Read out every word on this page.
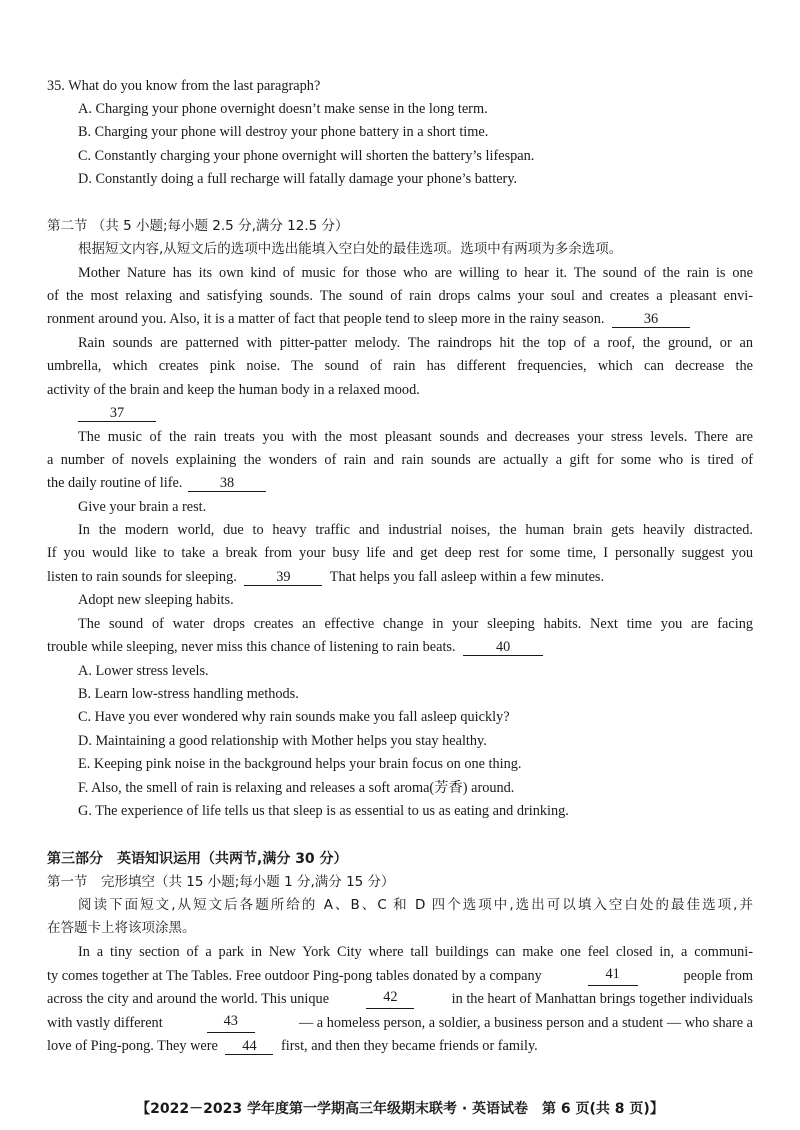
35. What do you know from the last paragraph?
A. Charging your phone overnight doesn’t make sense in the long term.
B. Charging your phone will destroy your phone battery in a short time.
C. Constantly charging your phone overnight will shorten the battery’s lifespan.
D. Constantly doing a full recharge will fatally damage your phone’s battery.
第二节 （共 5 小题;每小题 2.5 分,满分 12.5 分）
根据短文内容,从短文后的选项中选出能填入空白处的最佳选项。选项中有两项为多余选项。
Mother Nature has its own kind of music for those who are willing to hear it. The sound of the rain is one
of the most relaxing and satisfying sounds. The sound of rain drops calms your soul and creates a pleasant envi-
ronment around you. Also, it is a matter of fact that people tend to sleep more in the rainy season.	36
Rain sounds are patterned with pitter-patter melody. The raindrops hit the top of a roof, the ground, or an
umbrella, which creates pink noise. The sound of rain has different frequencies, which can decrease the
activity of the brain and keep the human body in a relaxed mood.
37
The music of the rain treats you with the most pleasant sounds and decreases your stress levels. There are
a number of novels explaining the wonders of rain and rain sounds are actually a gift for some who is tired of
the daily routine of life.	38
Give your brain a rest.
In the modern world, due to heavy traffic and industrial noises, the human brain gets heavily distracted.
If you would like to take a break from your busy life and get deep rest for some time, I personally suggest you
listen to rain sounds for sleeping.	39	That helps you fall asleep within a few minutes.
Adopt new sleeping habits.
The sound of water drops creates an effective change in your sleeping habits. Next time you are facing
trouble while sleeping, never miss this chance of listening to rain beats.	40
A. Lower stress levels.
B. Learn low-stress handling methods.
C. Have you ever wondered why rain sounds make you fall asleep quickly?
D. Maintaining a good relationship with Mother helps you stay healthy.
E. Keeping pink noise in the background helps your brain focus on one thing.
F. Also, the smell of rain is relaxing and releases a soft aroma(芳香) around.
G. The experience of life tells us that sleep is as essential to us as eating and drinking.
第三部分　英语知识运用（共两节,满分 30 分）
第一节　完形填空（共 15 小题;每小题 1 分,满分 15 分）
阅读下面短文,从短文后各题所给的 A、B、C 和 D 四个选项中,选出可以填入空白处的最佳选项,并
在答题卡上将该项涂黑。
In a tiny section of a park in New York City where tall buildings can make one feel closed in, a communi-
ty comes together at The Tables. Free outdoor Ping-pong tables donated by a company	41	people from
across the city and around the world. This unique	42	in the heart of Manhattan brings together individuals
with vastly different	43	— a homeless person, a soldier, a business person and a student — who share a
love of Ping-pong. They were 44 first, and then they became friends or family.
【2022－2023 学年度第一学期高三年级期末联考 · 英语试卷　第 6 页(共 8 页)】
